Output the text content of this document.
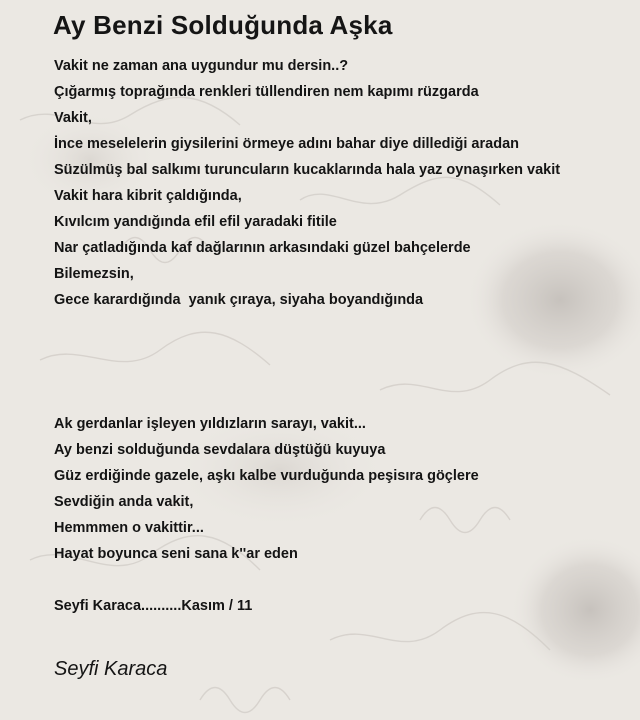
Ay Benzi Solduğunda Aşka
Vakit ne zaman ana uygundur mu dersin..?
Çığarmış toprağında renkleri tüllendiren nem kapımı rüzgarda
Vakit,
İnce meselelerin giysilerini örmeye adını bahar diye dillediği aradan
Süzülmüş bal salkımı turuncuların kucaklarında hala yaz oynaşırken vakit
Vakit hara kibrit çaldığında,
Kıvılcım yandığında efil efil yaradaki fitile
Nar çatladığında kaf dağlarının arkasındaki güzel bahçelerde
Bilemezsin,
Gece karardığında  yanık çıraya, siyaha boyandığında
Ak gerdanlar işleyen yıldızların sarayı, vakit...
Ay benzi solduğunda sevdalara düştüğü kuyuya
Güz erdiğinde gazele, aşkı kalbe vurduğunda peşisıra göçlere
Sevdiğin anda vakit,
Hemmmen o vakittir...
Hayat boyunca seni sana k''ar eden
Seyfi Karaca..........Kasım / 11
Seyfi Karaca
